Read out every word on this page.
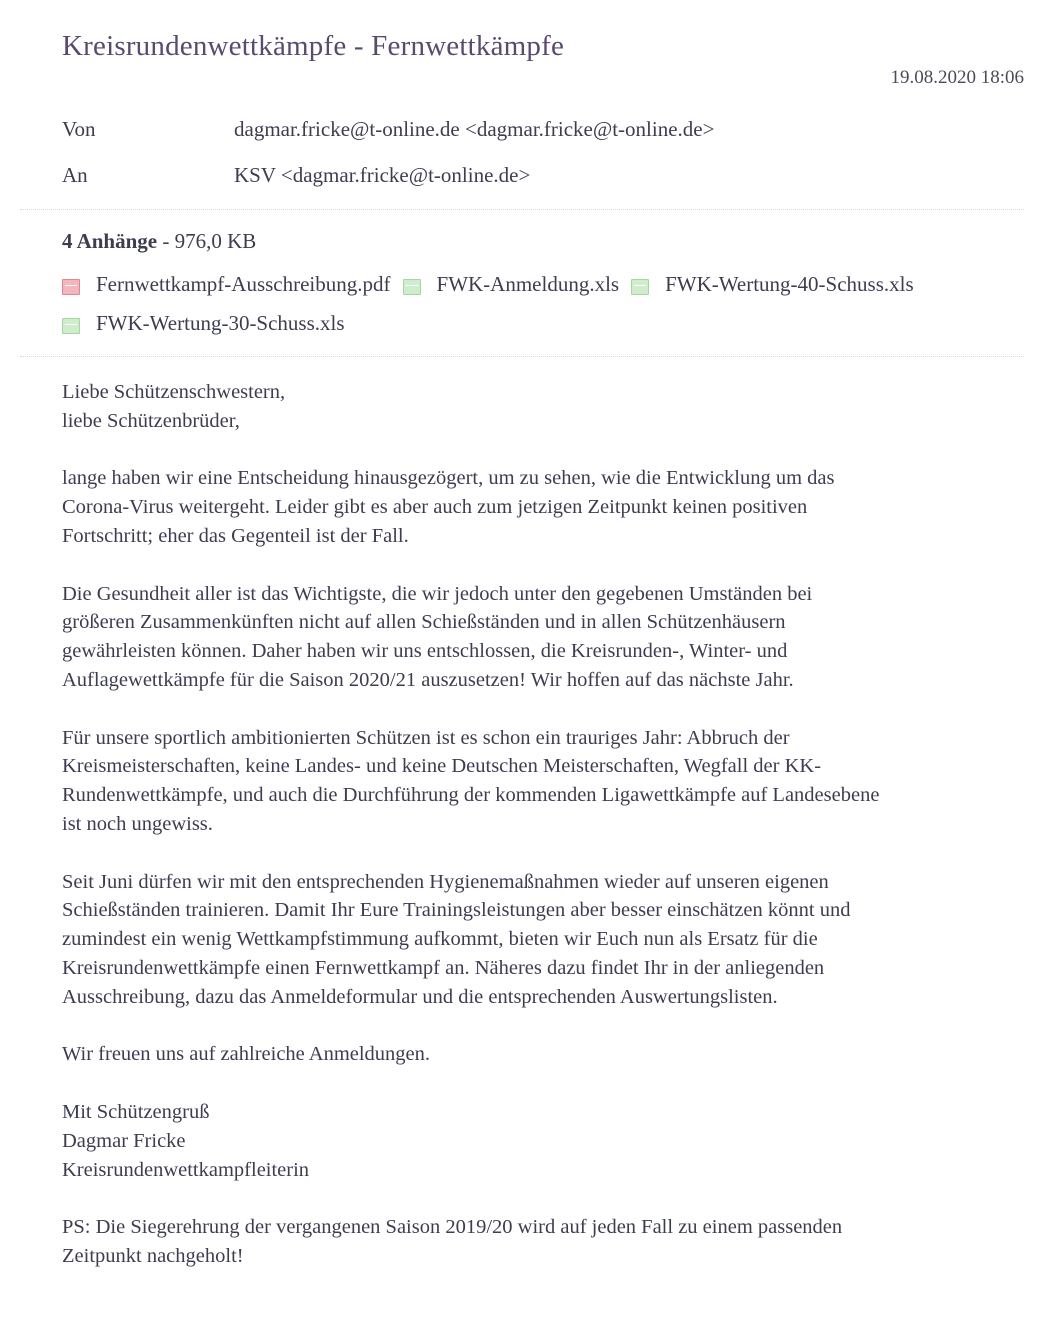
Kreisrundenwettkämpfe - Fernwettkämpfe
19.08.2020 18:06
Von	dagmar.fricke@t-online.de <dagmar.fricke@t-online.de>
An	KSV <dagmar.fricke@t-online.de>
4 Anhänge - 976,0 KB
Fernwettkampf-Ausschreibung.pdf FWK-Anmeldung.xls FWK-Wertung-40-Schuss.xls
FWK-Wertung-30-Schuss.xls

Liebe Schützenschwestern,
liebe Schützenbrüder,

lange haben wir eine Entscheidung hinausgezögert, um zu sehen, wie die Entwicklung um das
Corona-Virus weitergeht. Leider gibt es aber auch zum jetzigen Zeitpunkt keinen positiven
Fortschritt; eher das Gegenteil ist der Fall.

Die Gesundheit aller ist das Wichtigste, die wir jedoch unter den gegebenen Umständen bei
größeren Zusammenkünften nicht auf allen Schießständen und in allen Schützenhäusern
gewährleisten können. Daher haben wir uns entschlossen, die Kreisrunden-, Winter- und
Auflagewettkämpfe für die Saison 2020/21 auszusetzen! Wir hoffen auf das nächste Jahr.

Für unsere sportlich ambitionierten Schützen ist es schon ein trauriges Jahr: Abbruch der
Kreismeisterschaften, keine Landes- und keine Deutschen Meisterschaften, Wegfall der KK-
Rundenwettkämpfe, und auch die Durchführung der kommenden Ligawettkämpfe auf Landesebene
ist noch ungewiss.

Seit Juni dürfen wir mit den entsprechenden Hygienemaßnahmen wieder auf unseren eigenen
Schießständen trainieren. Damit Ihr Eure Trainingsleistungen aber besser einschätzen könnt und
zumindest ein wenig Wettkampfstimmung aufkommt, bieten wir Euch nun als Ersatz für die
Kreisrundenwettkämpfe einen Fernwettkampf an. Näheres dazu findet Ihr in der anliegenden
Ausschreibung, dazu das Anmeldeformular und die entsprechenden Auswertungslisten.

Wir freuen uns auf zahlreiche Anmeldungen.

Mit Schützengruß
Dagmar Fricke
Kreisrundenwettkampfleiterin

PS: Die Siegerehrung der vergangenen Saison 2019/20 wird auf jeden Fall zu einem passenden
Zeitpunkt nachgeholt!
